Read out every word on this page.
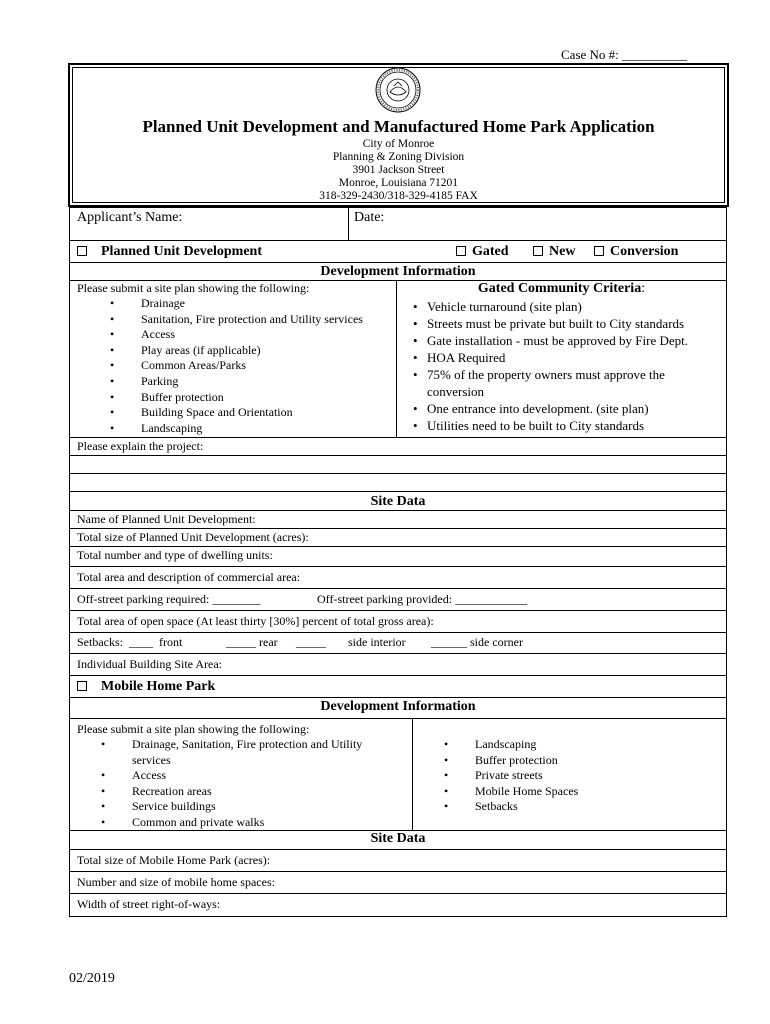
Case No #: __________
Planned Unit Development and Manufactured Home Park Application
City of Monroe
Planning & Zoning Division
3901 Jackson Street
Monroe, Louisiana 71201
318-329-2430/318-329-4185 FAX
Applicant’s Name:	Date:
Planned Unit Development	Gated	New	Conversion
Development Information
Please submit a site plan showing the following:
• Drainage
• Sanitation, Fire protection and Utility services
• Access
• Play areas (if applicable)
• Common Areas/Parks
• Parking
• Buffer protection
• Building Space and Orientation
• Landscaping
Gated Community Criteria:
• Vehicle turnaround (site plan)
• Streets must be private but built to City standards
• Gate installation - must be approved by Fire Dept.
• HOA Required
• 75% of the property owners must approve the conversion
• One entrance into development. (site plan)
• Utilities need to be built to City standards
Please explain the project:
Site Data
Name of Planned Unit Development:
Total size of Planned Unit Development (acres):
Total number and type of dwelling units:
Total area and description of commercial area:
Off-street parking required: ________	Off-street parking provided: ____________
Total area of open space (At least thirty [30%] percent of total gross area):
Setbacks:  ____  front	_____ rear _____ side interior ______ side corner
Individual Building Site Area:
Mobile Home Park
Development Information
Please submit a site plan showing the following:
• Drainage, Sanitation, Fire protection and Utility services
• Access
• Recreation areas
• Service buildings
• Common and private walks
• Landscaping
• Buffer protection
• Private streets
• Mobile Home Spaces
• Setbacks
Site Data
Total size of Mobile Home Park (acres):
Number and size of mobile home spaces:
Width of street right-of-ways:
02/2019
